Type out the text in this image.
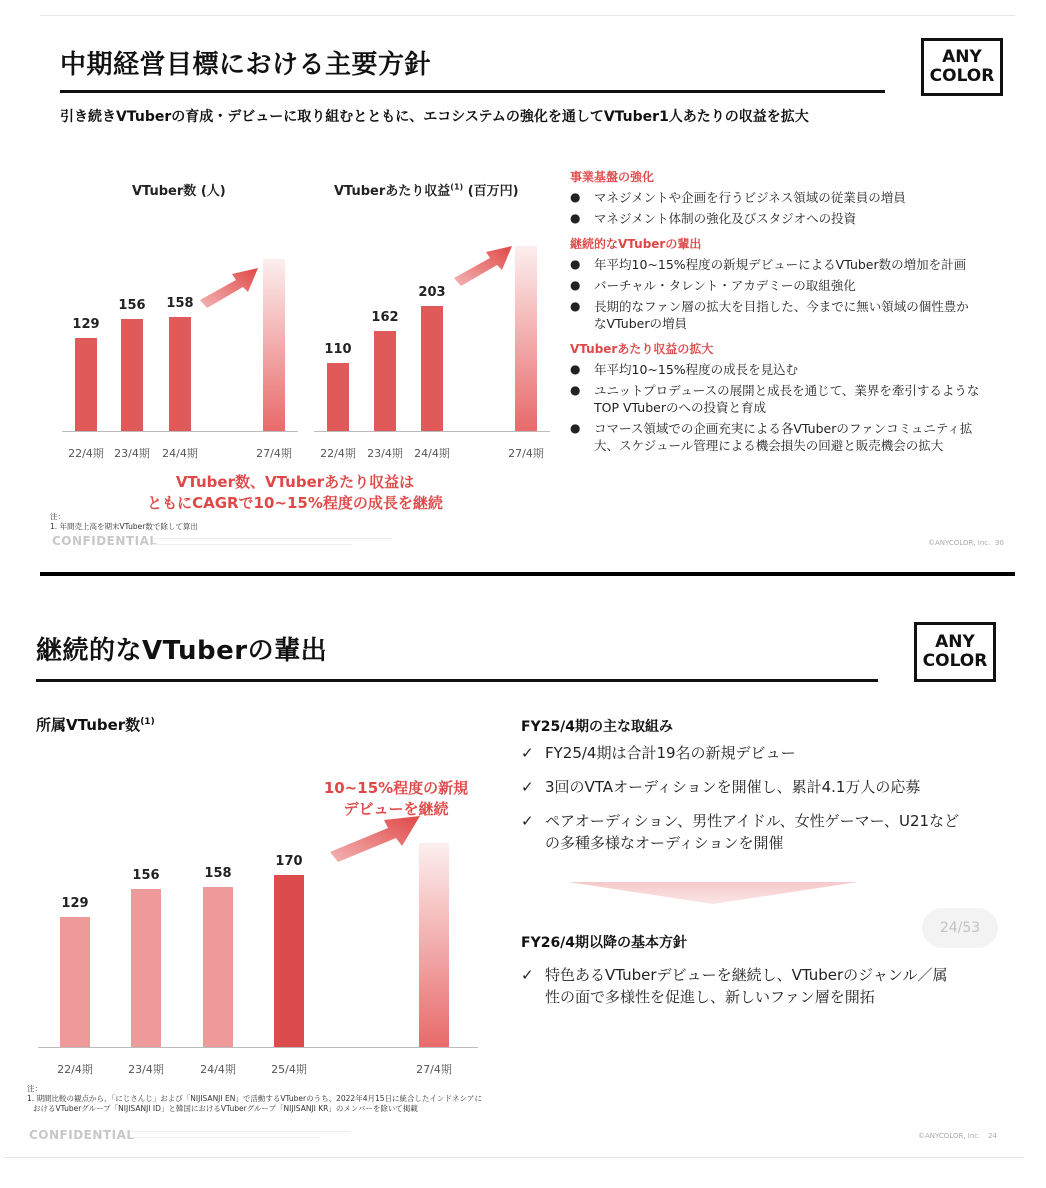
中期経営目標における主要方針	ANY
COLOR
引き続きVTuberの育成・デビューに取り組むとともに、エコシステムの強化を通してVTuber1人あたりの収益を拡大
VTuber数 (人)
129
22/4期
156
23/4期
158
24/4期	27/4期
VTuberあたり収益$^{(1)}$ (百万円)
110
22/4期
162
23/4期
203
24/4期	27/4期
VTuber数、VTuberあたり収益は
ともにCAGRで10~15%程度の成長を継続
注：
1. 年間売上高を期末VTuber数で除して算出
CONFIDENTIAL	©ANYCOLOR, Inc. 30
事業基盤の強化
● マネジメントや企画を行うビジネス領域の従業員の増員
● マネジメント体制の強化及びスタジオへの投資
継続的なVTuberの輩出
● 年平均10~15%程度の新規デビューによるVTuber数の増加を計画
● バーチャル・タレント・アカデミーの取組強化
● 長期的なファン層の拡大を目指した、今までに無い領域の個性豊かなVTuberの増員
VTuberあたり収益の拡大
● 年平均10~15%程度の成長を見込む
● ユニットプロデュースの展開と成長を通じて、業界を牽引するようなTOP VTuberのへの投資と育成
● コマース領域での企画充実による各VTuberのファンコミュニティ拡大、スケジュール管理による機会損失の回避と販売機会の拡大
継続的なVTuberの輩出	ANY
COLOR
所属VTuber数$^{(1)}$
129
22/4期
156
23/4期
158
24/4期
170
25/4期	27/4期
10~15%程度の新規
デビューを継続
注：
1. 期間比較の観点から、「にじさんじ」および「NIJISANJI EN」で活動するVTuberのうち、2022年4月15日に統合したインドネシアにおけるVTuberグループ「NIJISANJI ID」と韓国におけるVTuberグループ「NIJISANJI KR」のメンバーを除いて掲載
CONFIDENTIAL	©ANYCOLOR, Inc. 24
FY25/4期の主な取組み
✓ FY25/4期は合計19名の新規デビュー
✓ 3回のVTAオーディションを開催し、累計4.1万人の応募
✓ ペアオーディション、男性アイドル、女性ゲーマー、U21などの多種多様なオーディションを開催
24/53
FY26/4期以降の基本方針
✓ 特色あるVTuberデビューを継続し、VTuberのジャンル／属性の面で多様性を促進し、新しいファン層を開拓
